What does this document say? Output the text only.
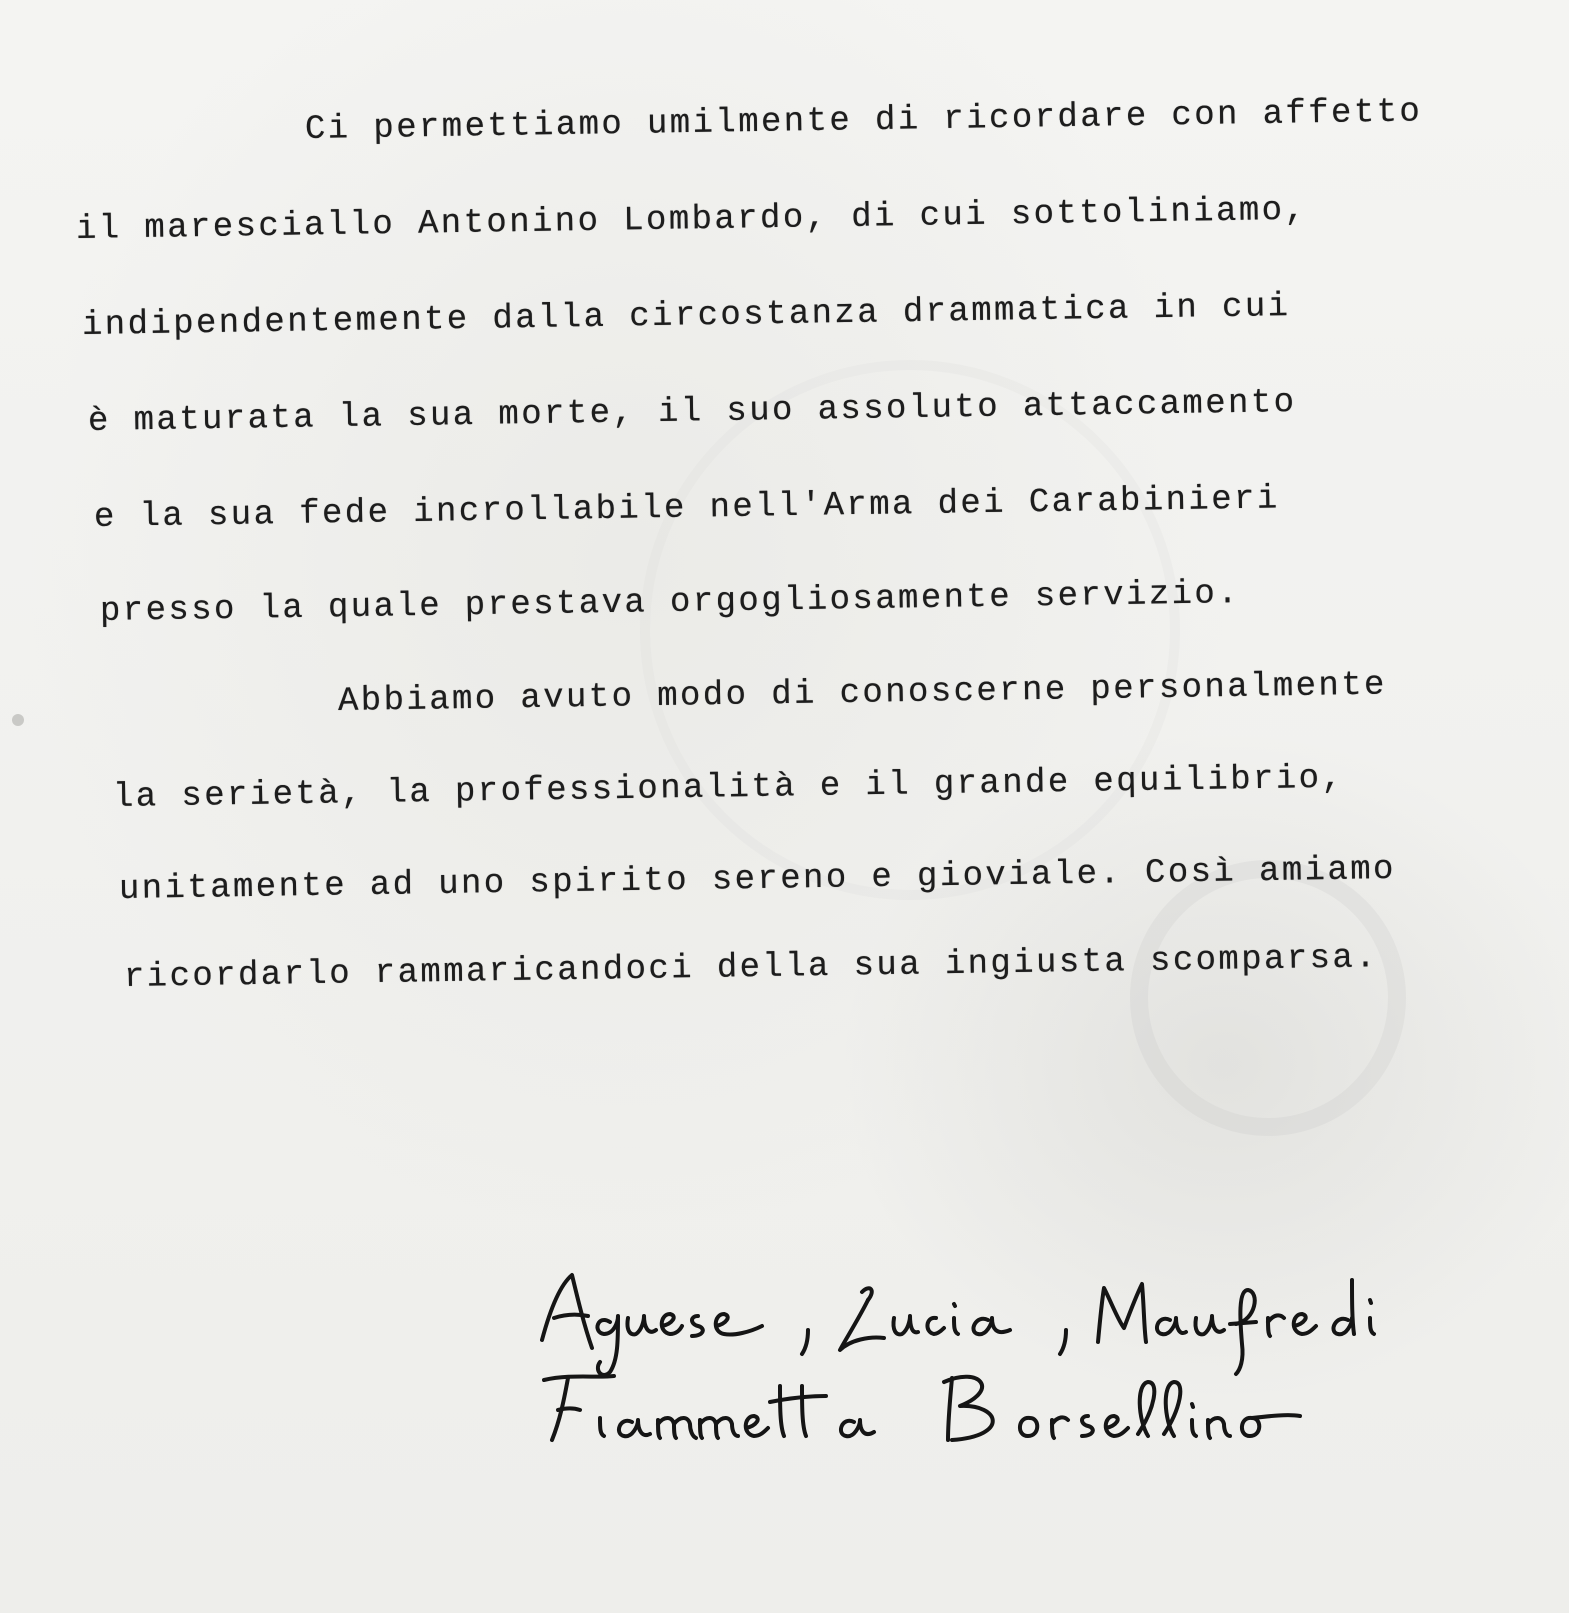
Ci permettiamo umilmente di ricordare con affetto

il maresciallo Antonino Lombardo, di cui sottoliniamo,

indipendentemente dalla circostanza drammatica in cui

è maturata la sua morte, il suo assoluto attaccamento

e la sua fede incrollabile nell'Arma dei Carabinieri

presso la quale prestava orgogliosamente servizio.

Abbiamo avuto modo di conoscerne personalmente

la serietà, la professionalità e il grande equilibrio,

unitamente ad uno spirito sereno e gioviale. Così amiamo

ricordarlo rammaricandoci della sua ingiusta scomparsa.
